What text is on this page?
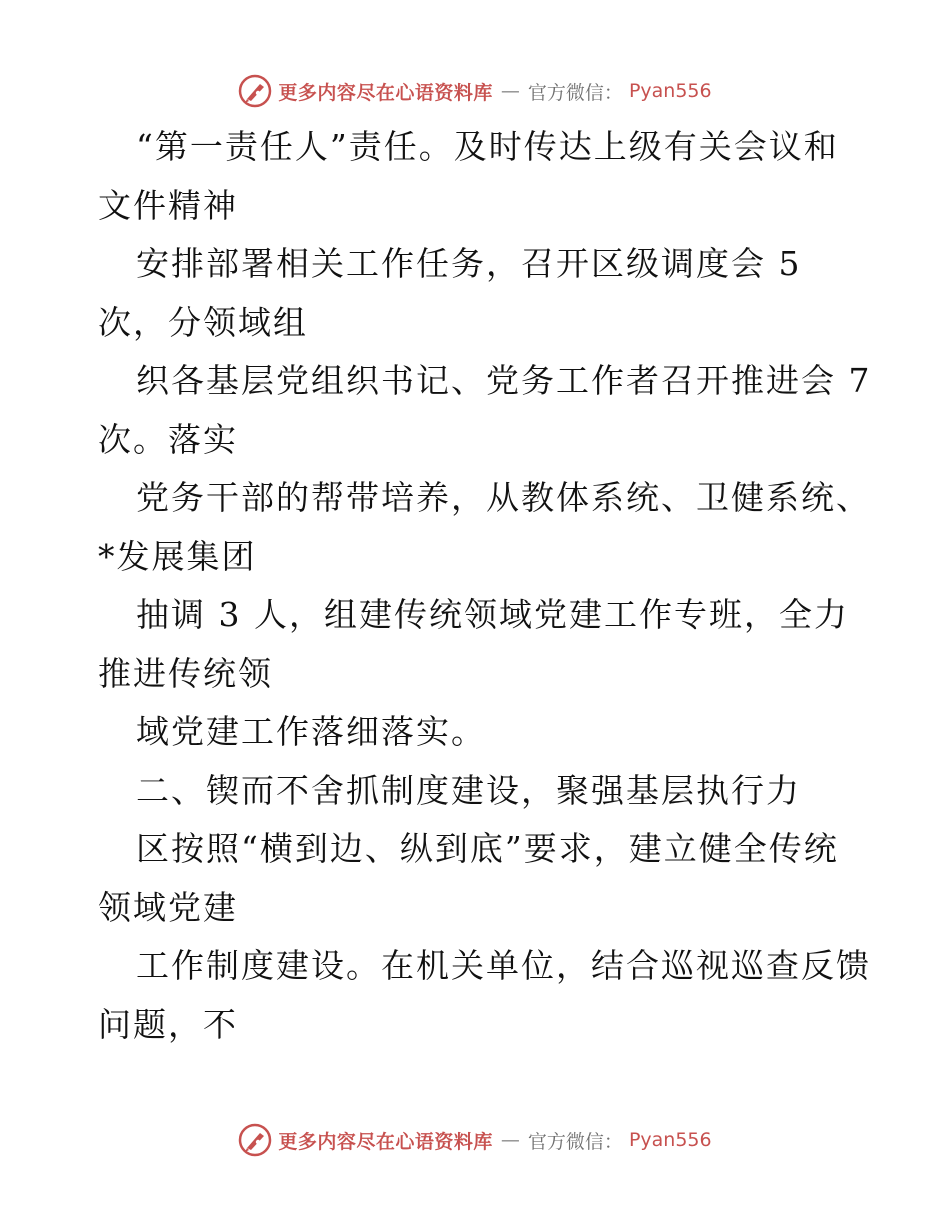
更多内容尽在心语资料库 — 官方微信： Pyan556
“第一责任人”责任。及时传达上级有关会议和
文件精神
安排部署相关工作任务，召开区级调度会 5
次，分领域组
织各基层党组织书记、党务工作者召开推进会 7
次。落实
党务干部的帮带培养，从教体系统、卫健系统、
*发展集团
抽调 3 人，组建传统领域党建工作专班，全力
推进传统领
域党建工作落细落实。
二、锲而不舍抓制度建设，聚强基层执行力
区按照“横到边、纵到底”要求，建立健全传统
领域党建
工作制度建设。在机关单位，结合巡视巡查反馈
问题，不
更多内容尽在心语资料库 — 官方微信： Pyan556
